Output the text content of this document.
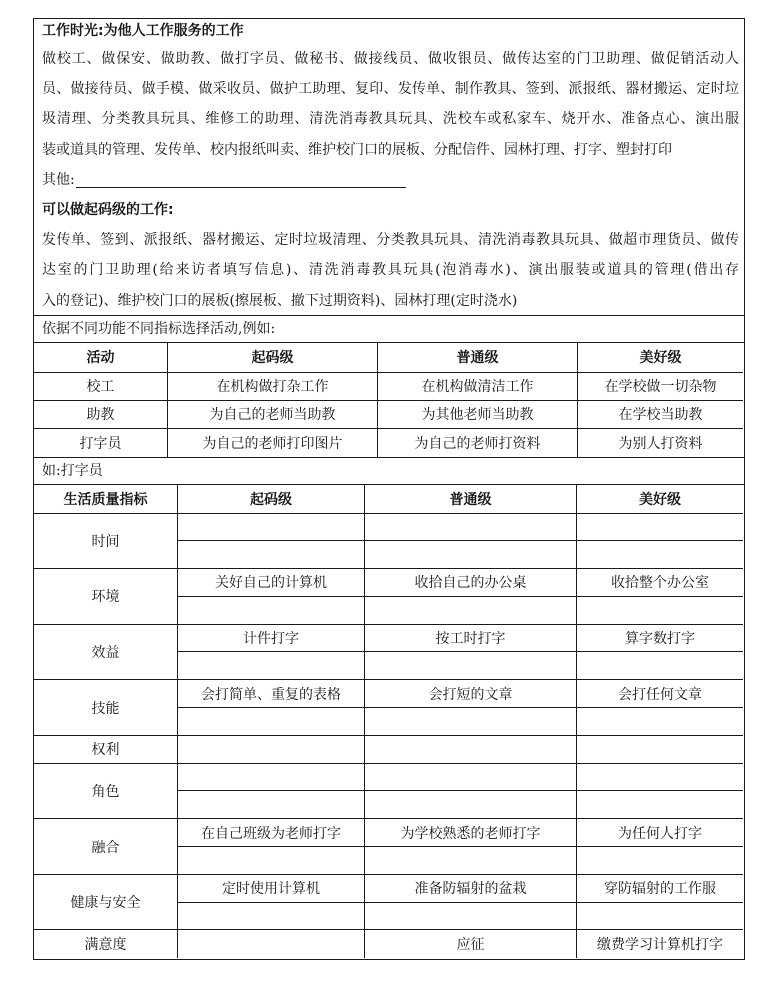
工作时光:为他人工作服务的工作
做校工、做保安、做助教、做打字员、做秘书、做接线员、做收银员、做传达室的门卫助理、做促销活动人
员、做接待员、做手模、做采收员、做护工助理、复印、发传单、制作教具、签到、派报纸、器材搬运、定时垃
圾清理、分类教具玩具、维修工的助理、清洗消毒教具玩具、洗校车或私家车、烧开水、准备点心、演出服
装或道具的管理、发传单、校内报纸叫卖、维护校门口的展板、分配信件、园林打理、打字、塑封打印
其他:
可以做起码级的工作:
发传单、签到、派报纸、器材搬运、定时垃圾清理、分类教具玩具、清洗消毒教具玩具、做超市理货员、做传
达室的门卫助理(给来访者填写信息)、清洗消毒教具玩具(泡消毒水)、演出服装或道具的管理(借出存
入的登记)、维护校门口的展板(擦展板、撤下过期资料)、园林打理(定时浇水)
依据不同功能不同指标选择活动,例如:
活动	起码级	普通级	美好级
校工	在机构做打杂工作	在机构做清洁工作	在学校做一切杂物
助教	为自己的老师当助教	为其他老师当助教	在学校当助教
打字员	为自己的老师打印图片	为自己的老师打资料	为别人打资料
如:打字员
生活质量指标	起码级	普通级	美好级
时间			

环境	关好自己的计算机	收拾自己的办公桌	收拾整个办公室

效益	计件打字	按工时打字	算字数打字

技能	会打简单、重复的表格	会打短的文章	会打任何文章

权利			
角色			

融合	在自己班级为老师打字	为学校熟悉的老师打字	为任何人打字

健康与安全	定时使用计算机	准备防辐射的盆栽	穿防辐射的工作服

满意度		应征	缴费学习计算机打字
